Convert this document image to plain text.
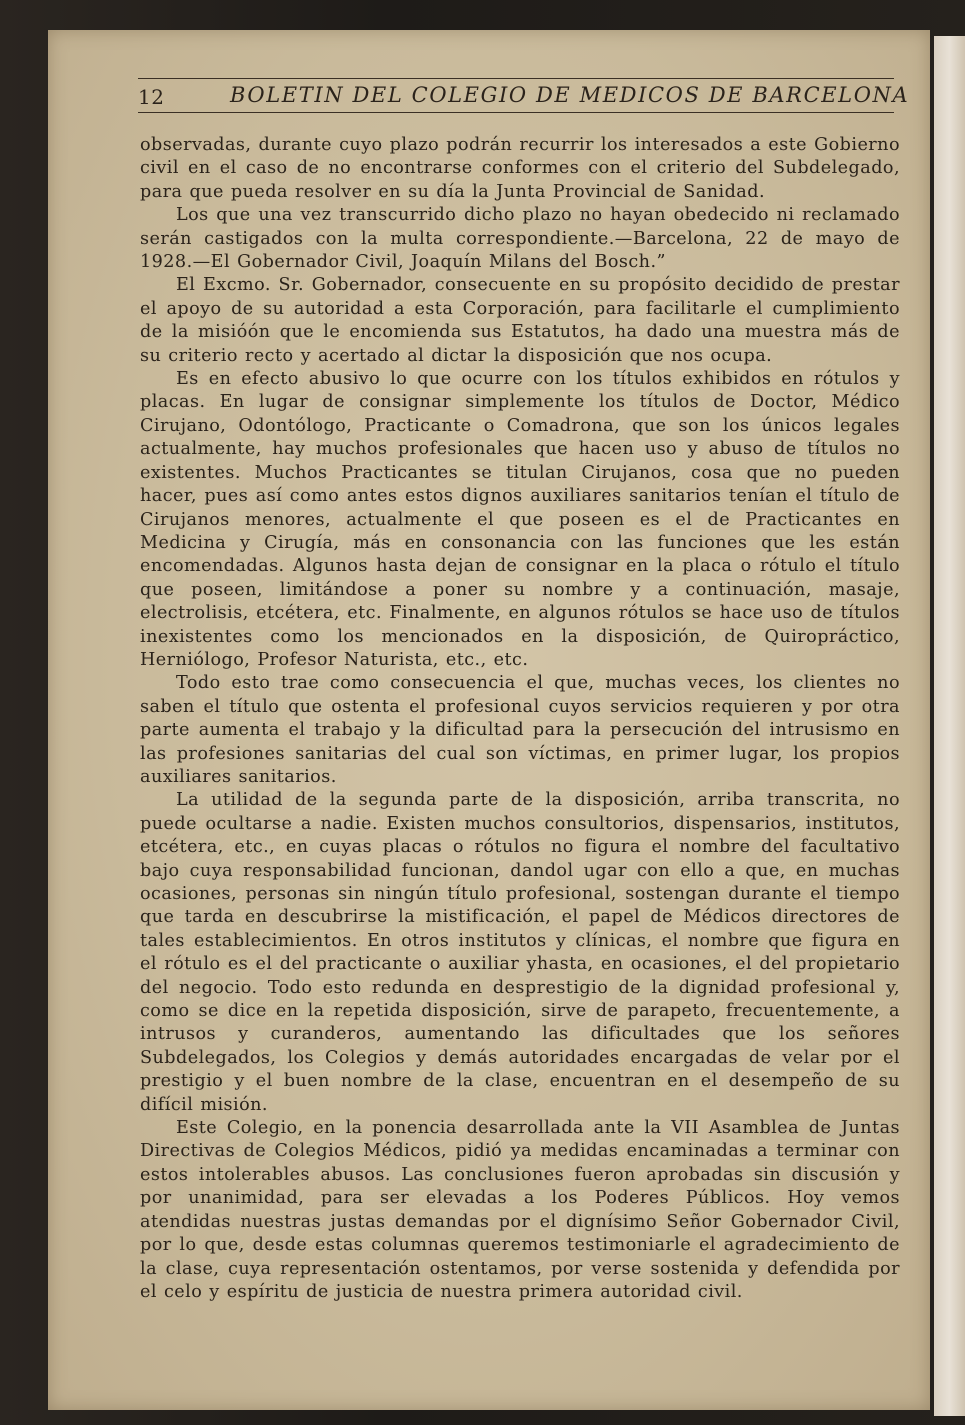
12	BOLETIN DEL COLEGIO DE MEDICOS DE BARCELONA

observadas, durante cuyo plazo podrán recurrir los interesados a este Gobierno civil en el caso de no encontrarse conformes con el criterio del Subdelegado, para que pueda resolver en su día la Junta Provincial de Sanidad.

Los que una vez transcurrido dicho plazo no hayan obedecido ni reclamado serán castigados con la multa correspondiente.—Barcelona, 22 de mayo de 1928.—El Gobernador Civil, Joaquín Milans del Bosch.”

El Excmo. Sr. Gobernador, consecuente en su propósito decidido de prestar el apoyo de su autoridad a esta Corporación, para facilitarle el cumplimiento de la misióón que le encomienda sus Estatutos, ha dado una muestra más de su criterio recto y acertado al dictar la disposición que nos ocupa.

Es en efecto abusivo lo que ocurre con los títulos exhibidos en rótulos y placas. En lugar de consignar simplemente los títulos de Doctor, Médico Cirujano, Odontólogo, Practicante o Comadrona, que son los únicos legales actualmente, hay muchos profesionales que hacen uso y abuso de títulos no existentes. Muchos Practicantes se titulan Cirujanos, cosa que no pueden hacer, pues así como antes estos dignos auxiliares sanitarios tenían el título de Cirujanos menores, actualmente el que poseen es el de Practicantes en Medicina y Cirugía, más en consonancia con las funciones que les están encomendadas. Algunos hasta dejan de consignar en la placa o rótulo el título que poseen, limitándose a poner su nombre y a continuación, masaje, electrolisis, etcétera, etc. Finalmente, en algunos rótulos se hace uso de títulos inexistentes como los mencionados en la disposición, de Quiropráctico, Herniólogo, Profesor Naturista, etc., etc.

Todo esto trae como consecuencia el que, muchas veces, los clientes no saben el título que ostenta el profesional cuyos servicios requieren y por otra parte aumenta el trabajo y la dificultad para la persecución del intrusismo en las profesiones sanitarias del cual son víctimas, en primer lugar, los propios auxiliares sanitarios.

La utilidad de la segunda parte de la disposición, arriba transcrita, no puede ocultarse a nadie. Existen muchos consultorios, dispensarios, institutos, etcétera, etc., en cuyas placas o rótulos no figura el nombre del facultativo bajo cuya responsabilidad funcionan, dandol ugar con ello a que, en muchas ocasiones, personas sin ningún título profesional, sostengan durante el tiempo que tarda en descubrirse la mistificación, el papel de Médicos directores de tales establecimientos. En otros institutos y clínicas, el nombre que figura en el rótulo es el del practicante o auxiliar yhastа, en ocasiones, el del propietario del negocio. Todo esto redunda en desprestigio de la dignidad profesional y, como se dice en la repetida disposición, sirve de parapeto, frecuentemente, a intrusos y curanderos, aumentando las dificultades que los señores Subdelegados, los Colegios y demás autoridades encargadas de velar por el prestigio y el buen nombre de la clase, encuentran en el desempeño de su difícil misión.

Este Colegio, en la ponencia desarrollada ante la VII Asamblea de Juntas Directivas de Colegios Médicos, pidió ya medidas encaminadas a terminar con estos intolerables abusos. Las conclusiones fueron aprobadas sin discusión y por unanimidad, para ser elevadas a los Poderes Públicos. Hoy vemos atendidas nuestras justas demandas por el dignísimo Señor Gobernador Civil, por lo que, desde estas columnas queremos testimoniarle el agradecimiento de la clase, cuya representación ostentamos, por verse sostenida y defendida por el celo y espíritu de justicia de nuestra primera autoridad civil.
